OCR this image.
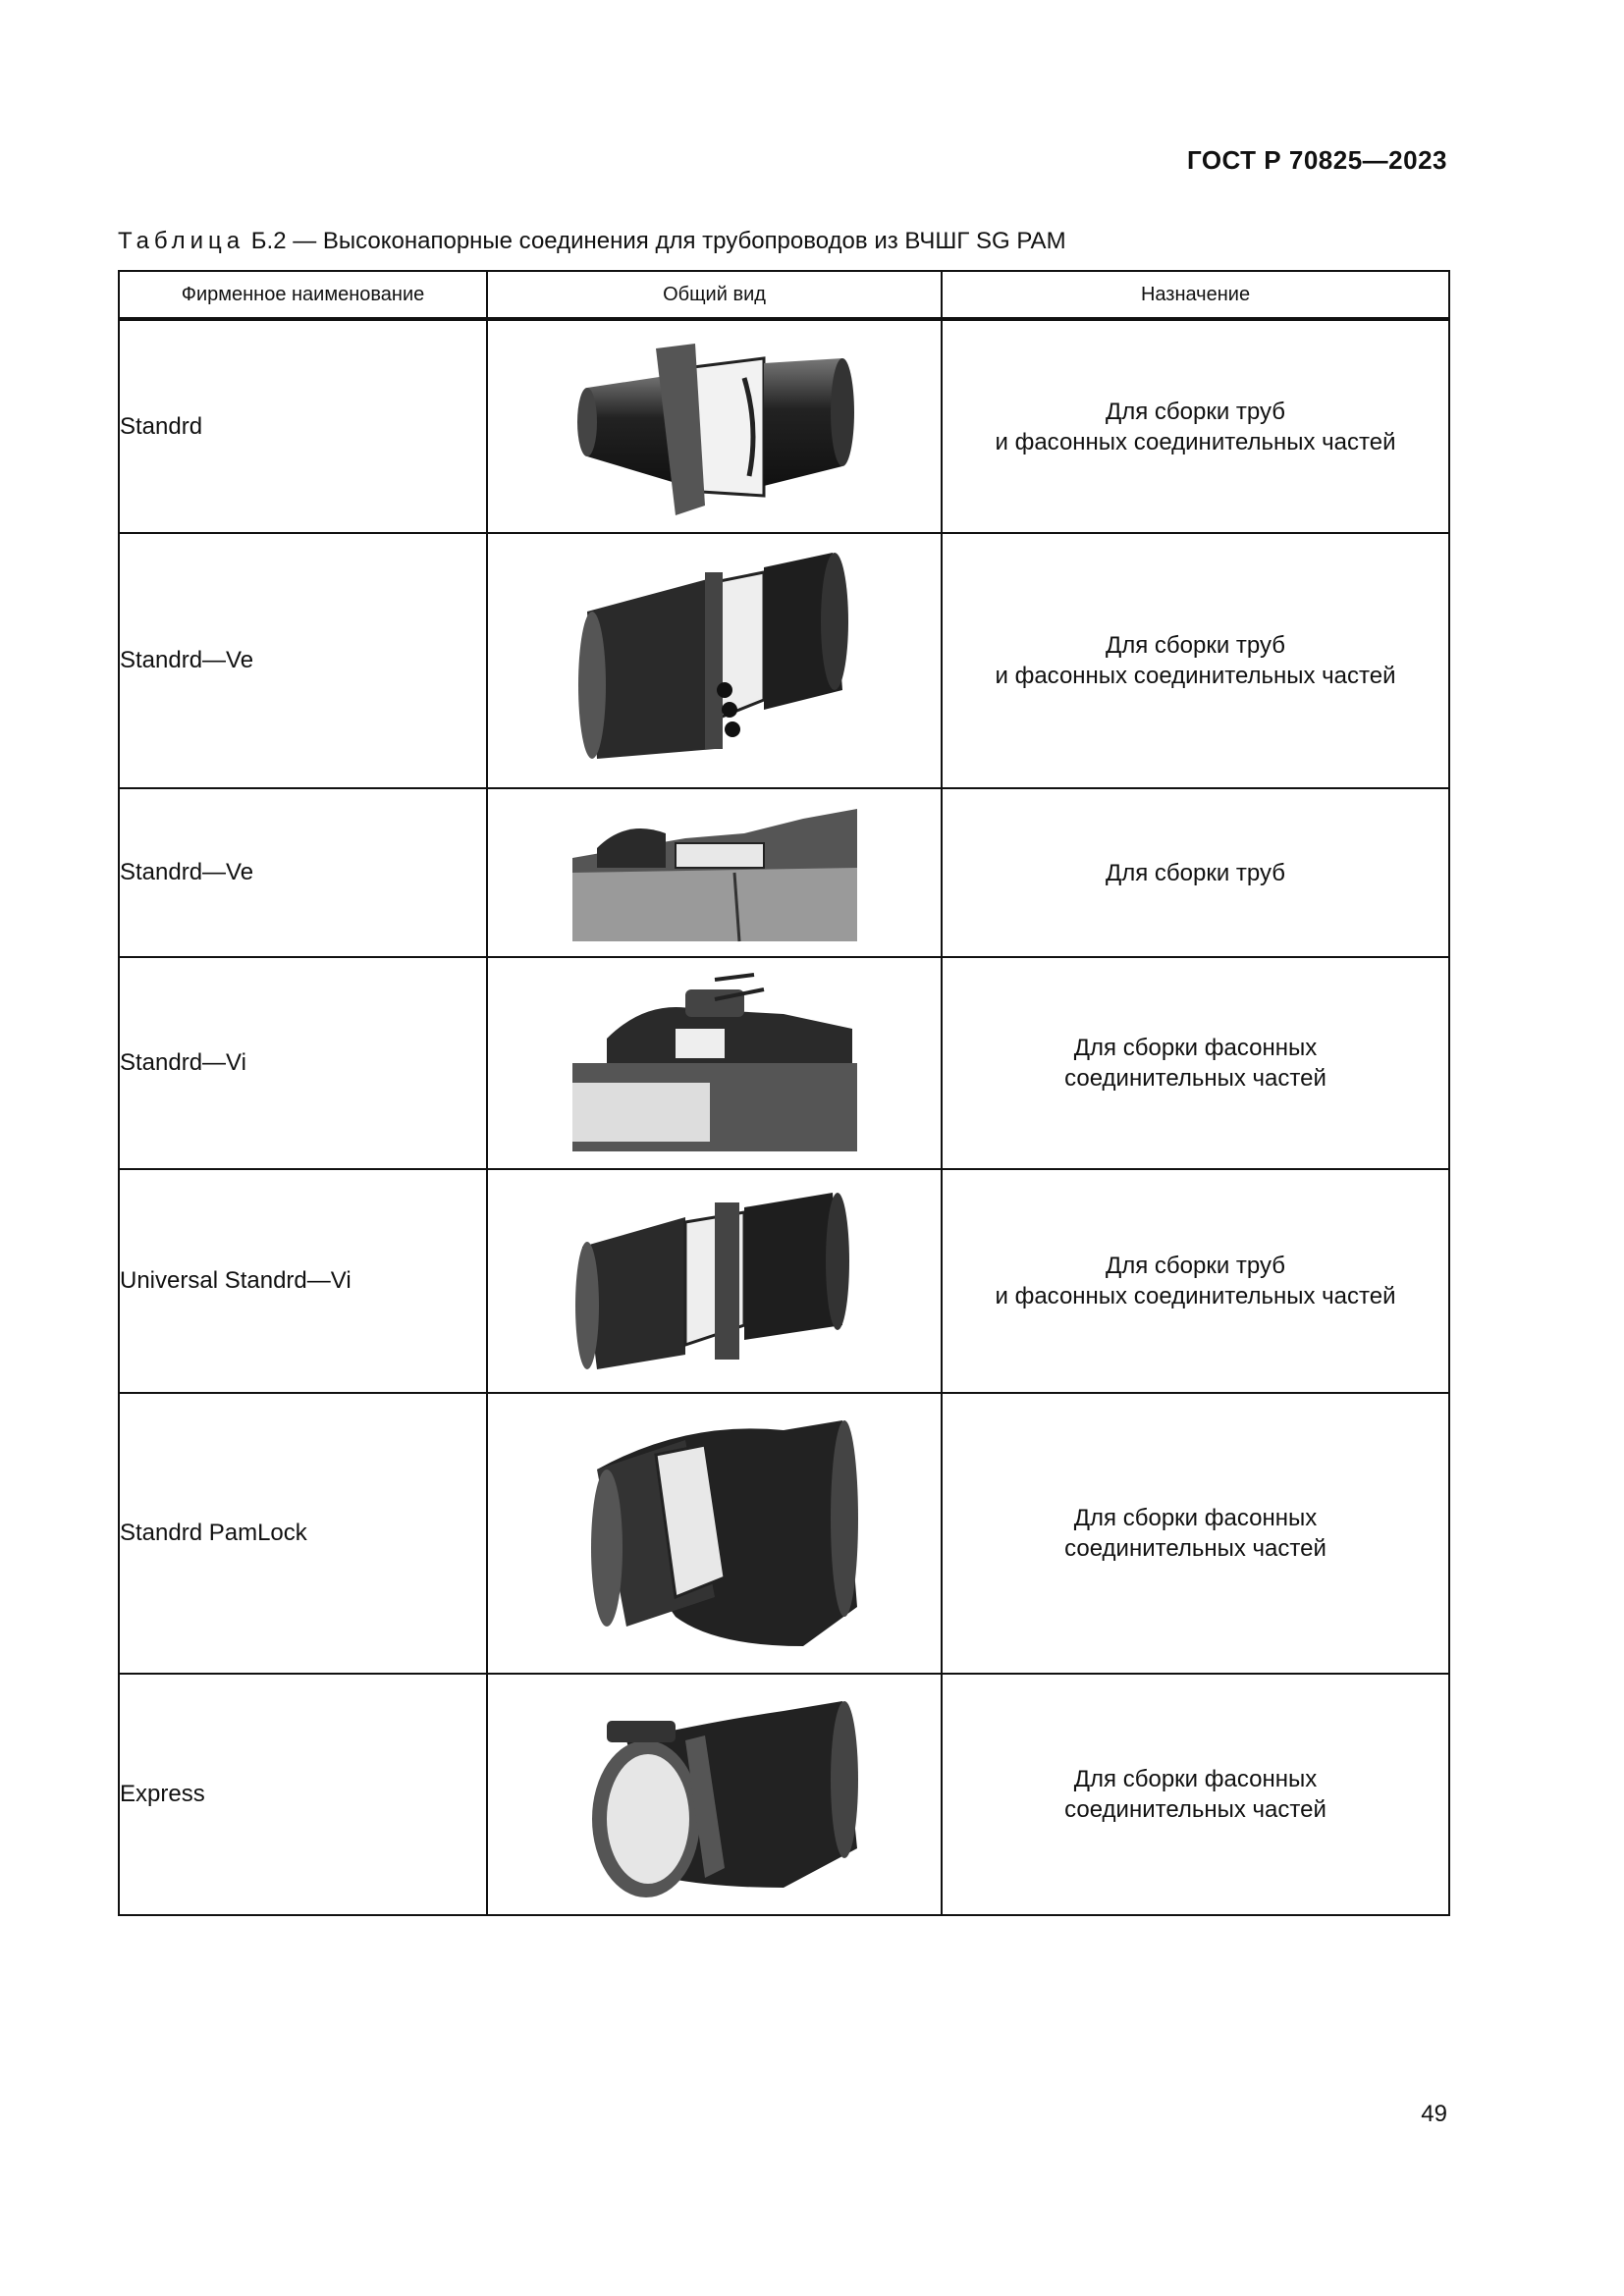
ГОСТ Р 70825—2023
Таблица Б.2 — Высоконапорные соединения для трубопроводов из ВЧШГ SG PAM
Фирменное наименование	Общий вид	Назначение
Standrd		Для сборки труб
и фасонных соединительных частей

Standrd—Ve		Для сборки труб
и фасонных соединительных частей

Standrd—Ve		Для сборки труб

Standrd—Vi		Для сборки фасонных
соединительных частей

Universal Standrd—Vi		Для сборки труб
и фасонных соединительных частей

Standrd PamLock		Для сборки фасонных
соединительных частей

Express		Для сборки фасонных
соединительных частей
49
